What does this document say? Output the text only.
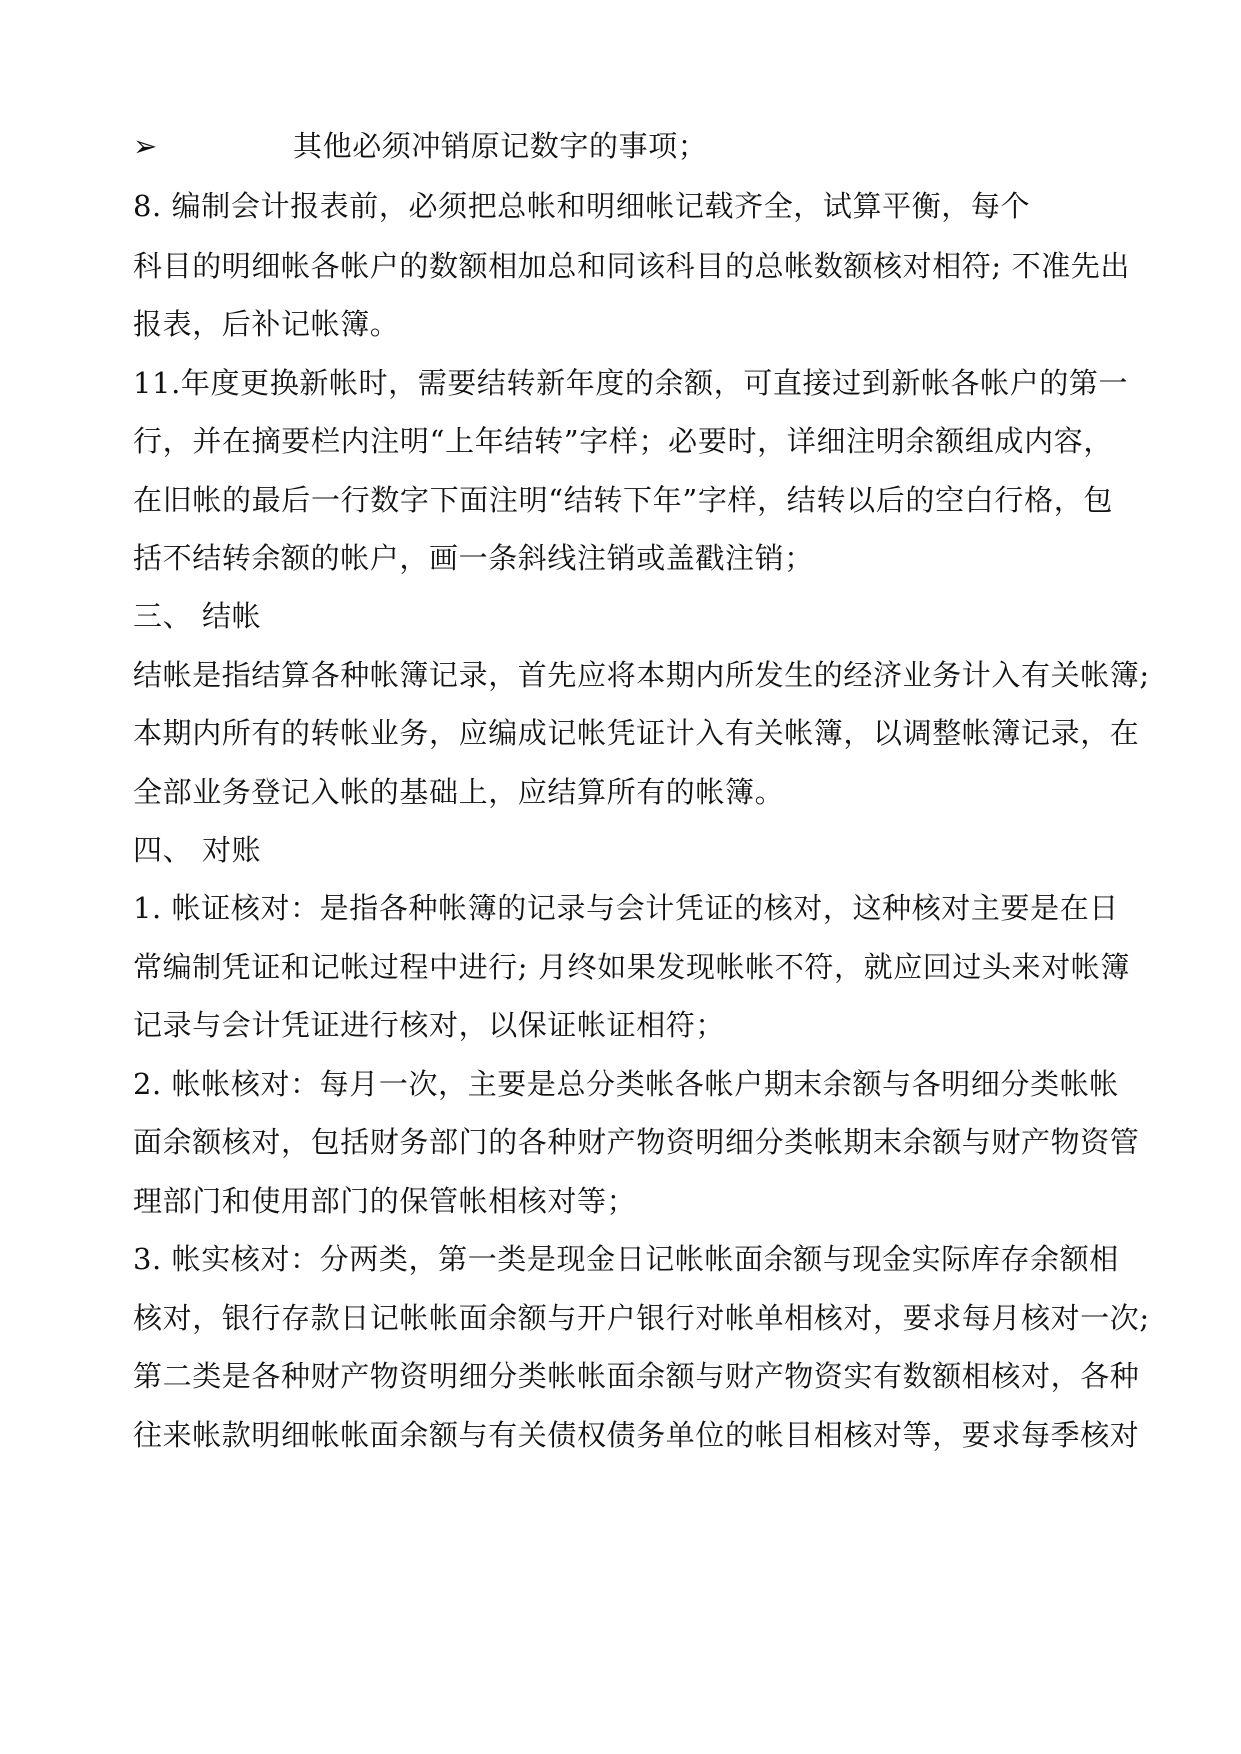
➢	其他必须冲销原记数字的事项；
8. 编制会计报表前，必须把总帐和明细帐记载齐全，试算平衡，每个
科目的明细帐各帐户的数额相加总和同该科目的总帐数额核对相符; 不准先出
报表，后补记帐簿。
11.年度更换新帐时，需要结转新年度的余额，可直接过到新帐各帐户的第一
行，并在摘要栏内注明“上年结转”字样；必要时，详细注明余额组成内容，
在旧帐的最后一行数字下面注明“结转下年”字样，结转以后的空白行格，包
括不结转余额的帐户，画一条斜线注销或盖戳注销；
三、 结帐
结帐是指结算各种帐簿记录，首先应将本期内所发生的经济业务计入有关帐簿;
本期内所有的转帐业务，应编成记帐凭证计入有关帐簿，以调整帐簿记录，在
全部业务登记入帐的基础上，应结算所有的帐簿。
四、 对账
1. 帐证核对：是指各种帐簿的记录与会计凭证的核对，这种核对主要是在日
常编制凭证和记帐过程中进行; 月终如果发现帐帐不符，就应回过头来对帐簿
记录与会计凭证进行核对，以保证帐证相符；
2. 帐帐核对：每月一次，主要是总分类帐各帐户期末余额与各明细分类帐帐
面余额核对，包括财务部门的各种财产物资明细分类帐期末余额与财产物资管
理部门和使用部门的保管帐相核对等；
3. 帐实核对：分两类，第一类是现金日记帐帐面余额与现金实际库存余额相
核对，银行存款日记帐帐面余额与开户银行对帐单相核对，要求每月核对一次;
第二类是各种财产物资明细分类帐帐面余额与财产物资实有数额相核对，各种
往来帐款明细帐帐面余额与有关债权债务单位的帐目相核对等，要求每季核对
